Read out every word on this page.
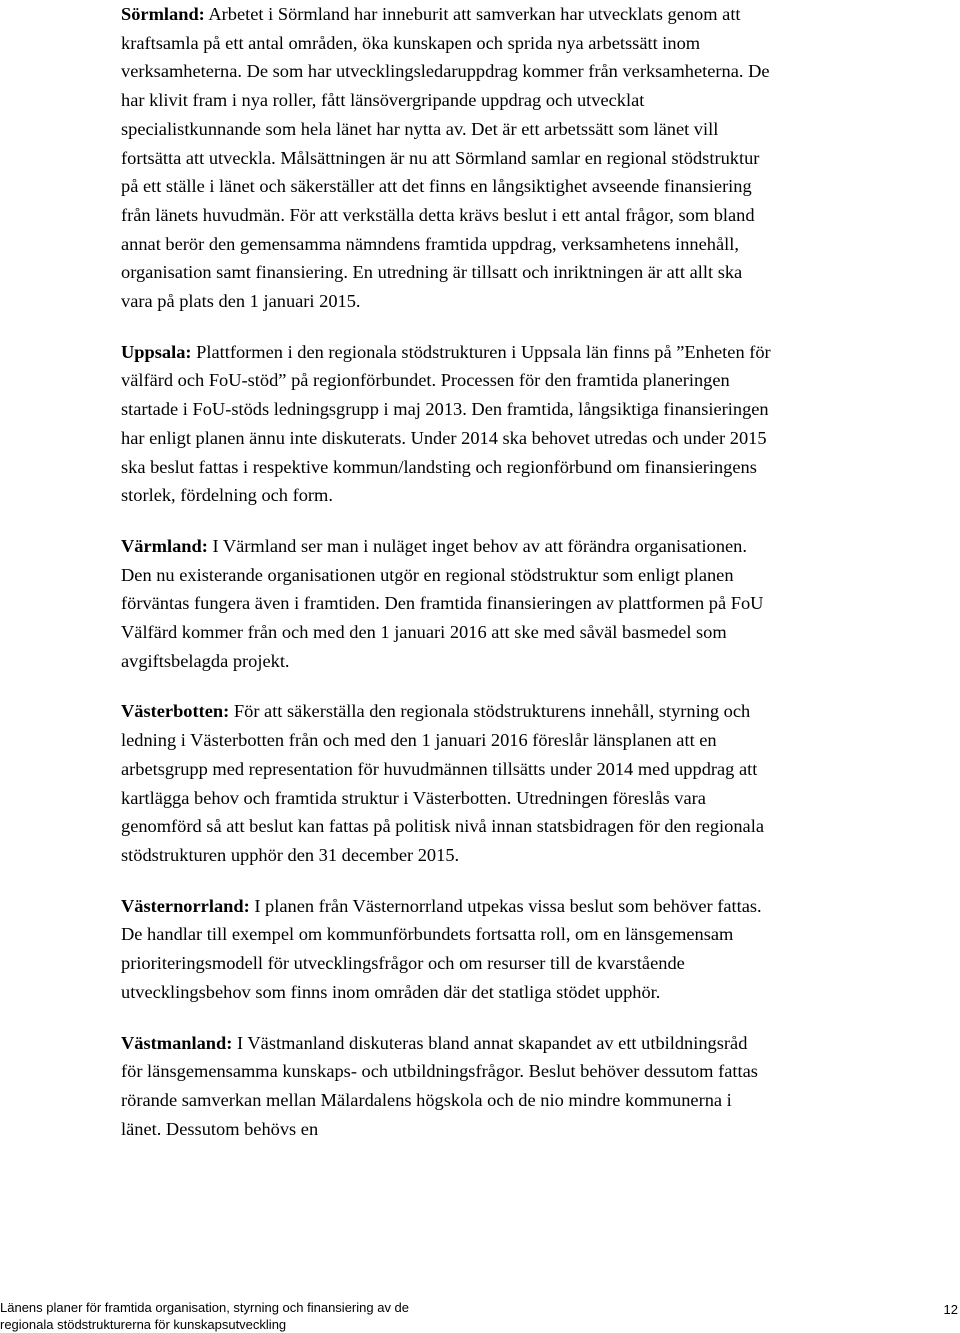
Sörmland: Arbetet i Sörmland har inneburit att samverkan har utvecklats genom att kraftsamla på ett antal områden, öka kunskapen och sprida nya arbetssätt inom verksamheterna. De som har utvecklingsledaruppdrag kommer från verksamheterna. De har klivit fram i nya roller, fått länsövergripande uppdrag och utvecklat specialistkunnande som hela länet har nytta av. Det är ett arbetssätt som länet vill fortsätta att utveckla. Målsättningen är nu att Sörmland samlar en regional stödstruktur på ett ställe i länet och säkerställer att det finns en långsiktighet avseende finansiering från länets huvudmän. För att verkställa detta krävs beslut i ett antal frågor, som bland annat berör den gemensamma nämndens framtida uppdrag, verksamhetens innehåll, organisation samt finansiering. En utredning är tillsatt och inriktningen är att allt ska vara på plats den 1 januari 2015.

Uppsala: Plattformen i den regionala stödstrukturen i Uppsala län finns på ”Enheten för välfärd och FoU-stöd” på regionförbundet. Processen för den framtida planeringen startade i FoU-stöds ledningsgrupp i maj 2013. Den framtida, långsiktiga finansieringen har enligt planen ännu inte diskuterats. Under 2014 ska behovet utredas och under 2015 ska beslut fattas i respektive kommun/landsting och regionförbund om finansieringens storlek, fördelning och form.

Värmland: I Värmland ser man i nuläget inget behov av att förändra organisationen. Den nu existerande organisationen utgör en regional stödstruktur som enligt planen förväntas fungera även i framtiden. Den framtida finansieringen av plattformen på FoU Välfärd kommer från och med den 1 januari 2016 att ske med såväl basmedel som avgiftsbelagda projekt.

Västerbotten: För att säkerställa den regionala stödstrukturens innehåll, styrning och ledning i Västerbotten från och med den 1 januari 2016 föreslår länsplanen att en arbetsgrupp med representation för huvudmännen tillsätts under 2014 med uppdrag att kartlägga behov och framtida struktur i Västerbotten. Utredningen föreslås vara genomförd så att beslut kan fattas på politisk nivå innan statsbidragen för den regionala stödstrukturen upphör den 31 december 2015.

Västernorrland: I planen från Västernorrland utpekas vissa beslut som behöver fattas. De handlar till exempel om kommunförbundets fortsatta roll, om en länsgemensam prioriteringsmodell för utvecklingsfrågor och om resurser till de kvarstående utvecklingsbehov som finns inom områden där det statliga stödet upphör.

Västmanland: I Västmanland diskuteras bland annat skapandet av ett utbildningsråd för länsgemensamma kunskaps- och utbildningsfrågor. Beslut behöver dessutom fattas rörande samverkan mellan Mälardalens högskola och de nio mindre kommunerna i länet. Dessutom behövs en

Länens planer för framtida organisation, styrning och finansiering av de
regionala stödstrukturerna för kunskapsutveckling
12
